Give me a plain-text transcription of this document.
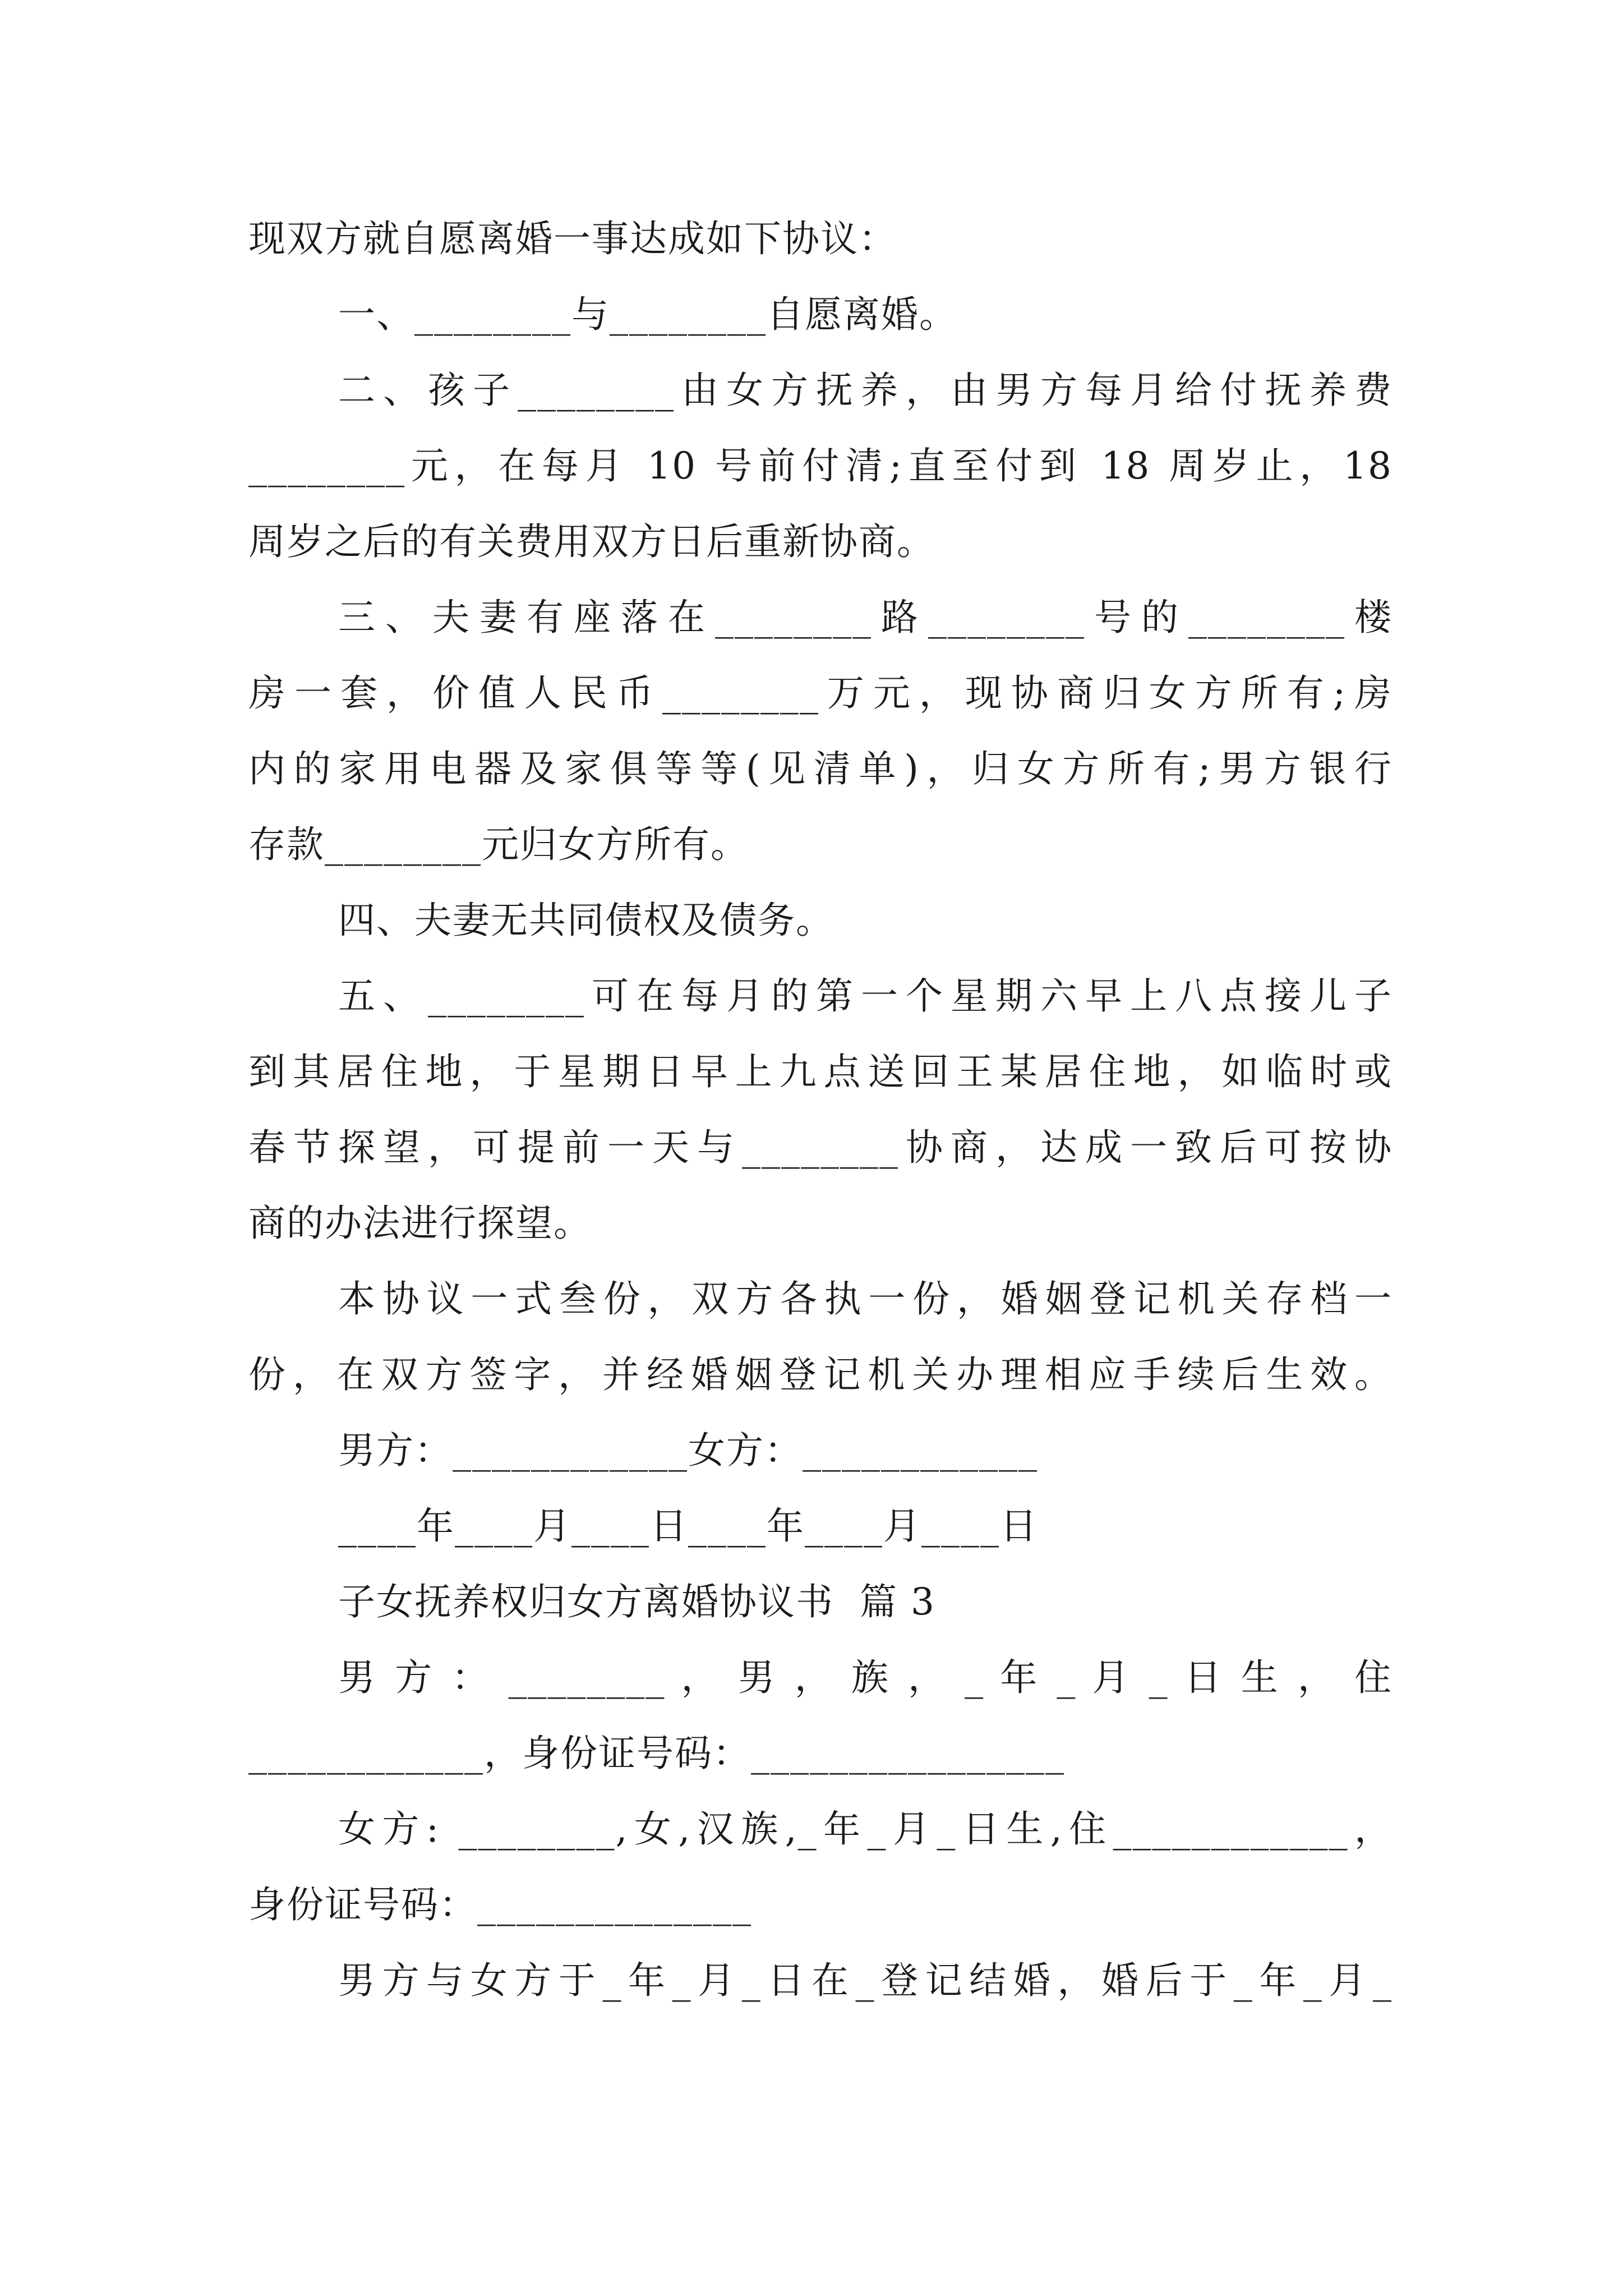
现双方就自愿离婚一事达成如下协议：
一、________与________自愿离婚。
二、孩子________由女方抚养，由男方每月给付抚养费
________元，在每月 10 号前付清;直至付到 18 周岁止，18
周岁之后的有关费用双方日后重新协商。
三、夫妻有座落在________路________号的________楼
房一套，价值人民币________万元，现协商归女方所有;房
内的家用电器及家俱等等(见清单)，归女方所有;男方银行
存款________元归女方所有。
四、夫妻无共同债权及债务。
五、________可在每月的第一个星期六早上八点接儿子
到其居住地，于星期日早上九点送回王某居住地，如临时或
春节探望，可提前一天与________协商，达成一致后可按协
商的办法进行探望。
本协议一式叁份，双方各执一份，婚姻登记机关存档一
份，在双方签字，并经婚姻登记机关办理相应手续后生效。
男方：____________女方：____________
____年____月____日____年____月____日
子女抚养权归女方离婚协议书  篇 3
男 方 ： ________ ， 男 ， 族 ， _ 年 _ 月 _ 日 生 ， 住
____________，身份证号码：________________
女方: ________,女,汉族,_年_月_日生,住____________，
身份证号码：______________
男方与女方于_年_月_日在_登记结婚，婚后于_年_月_
